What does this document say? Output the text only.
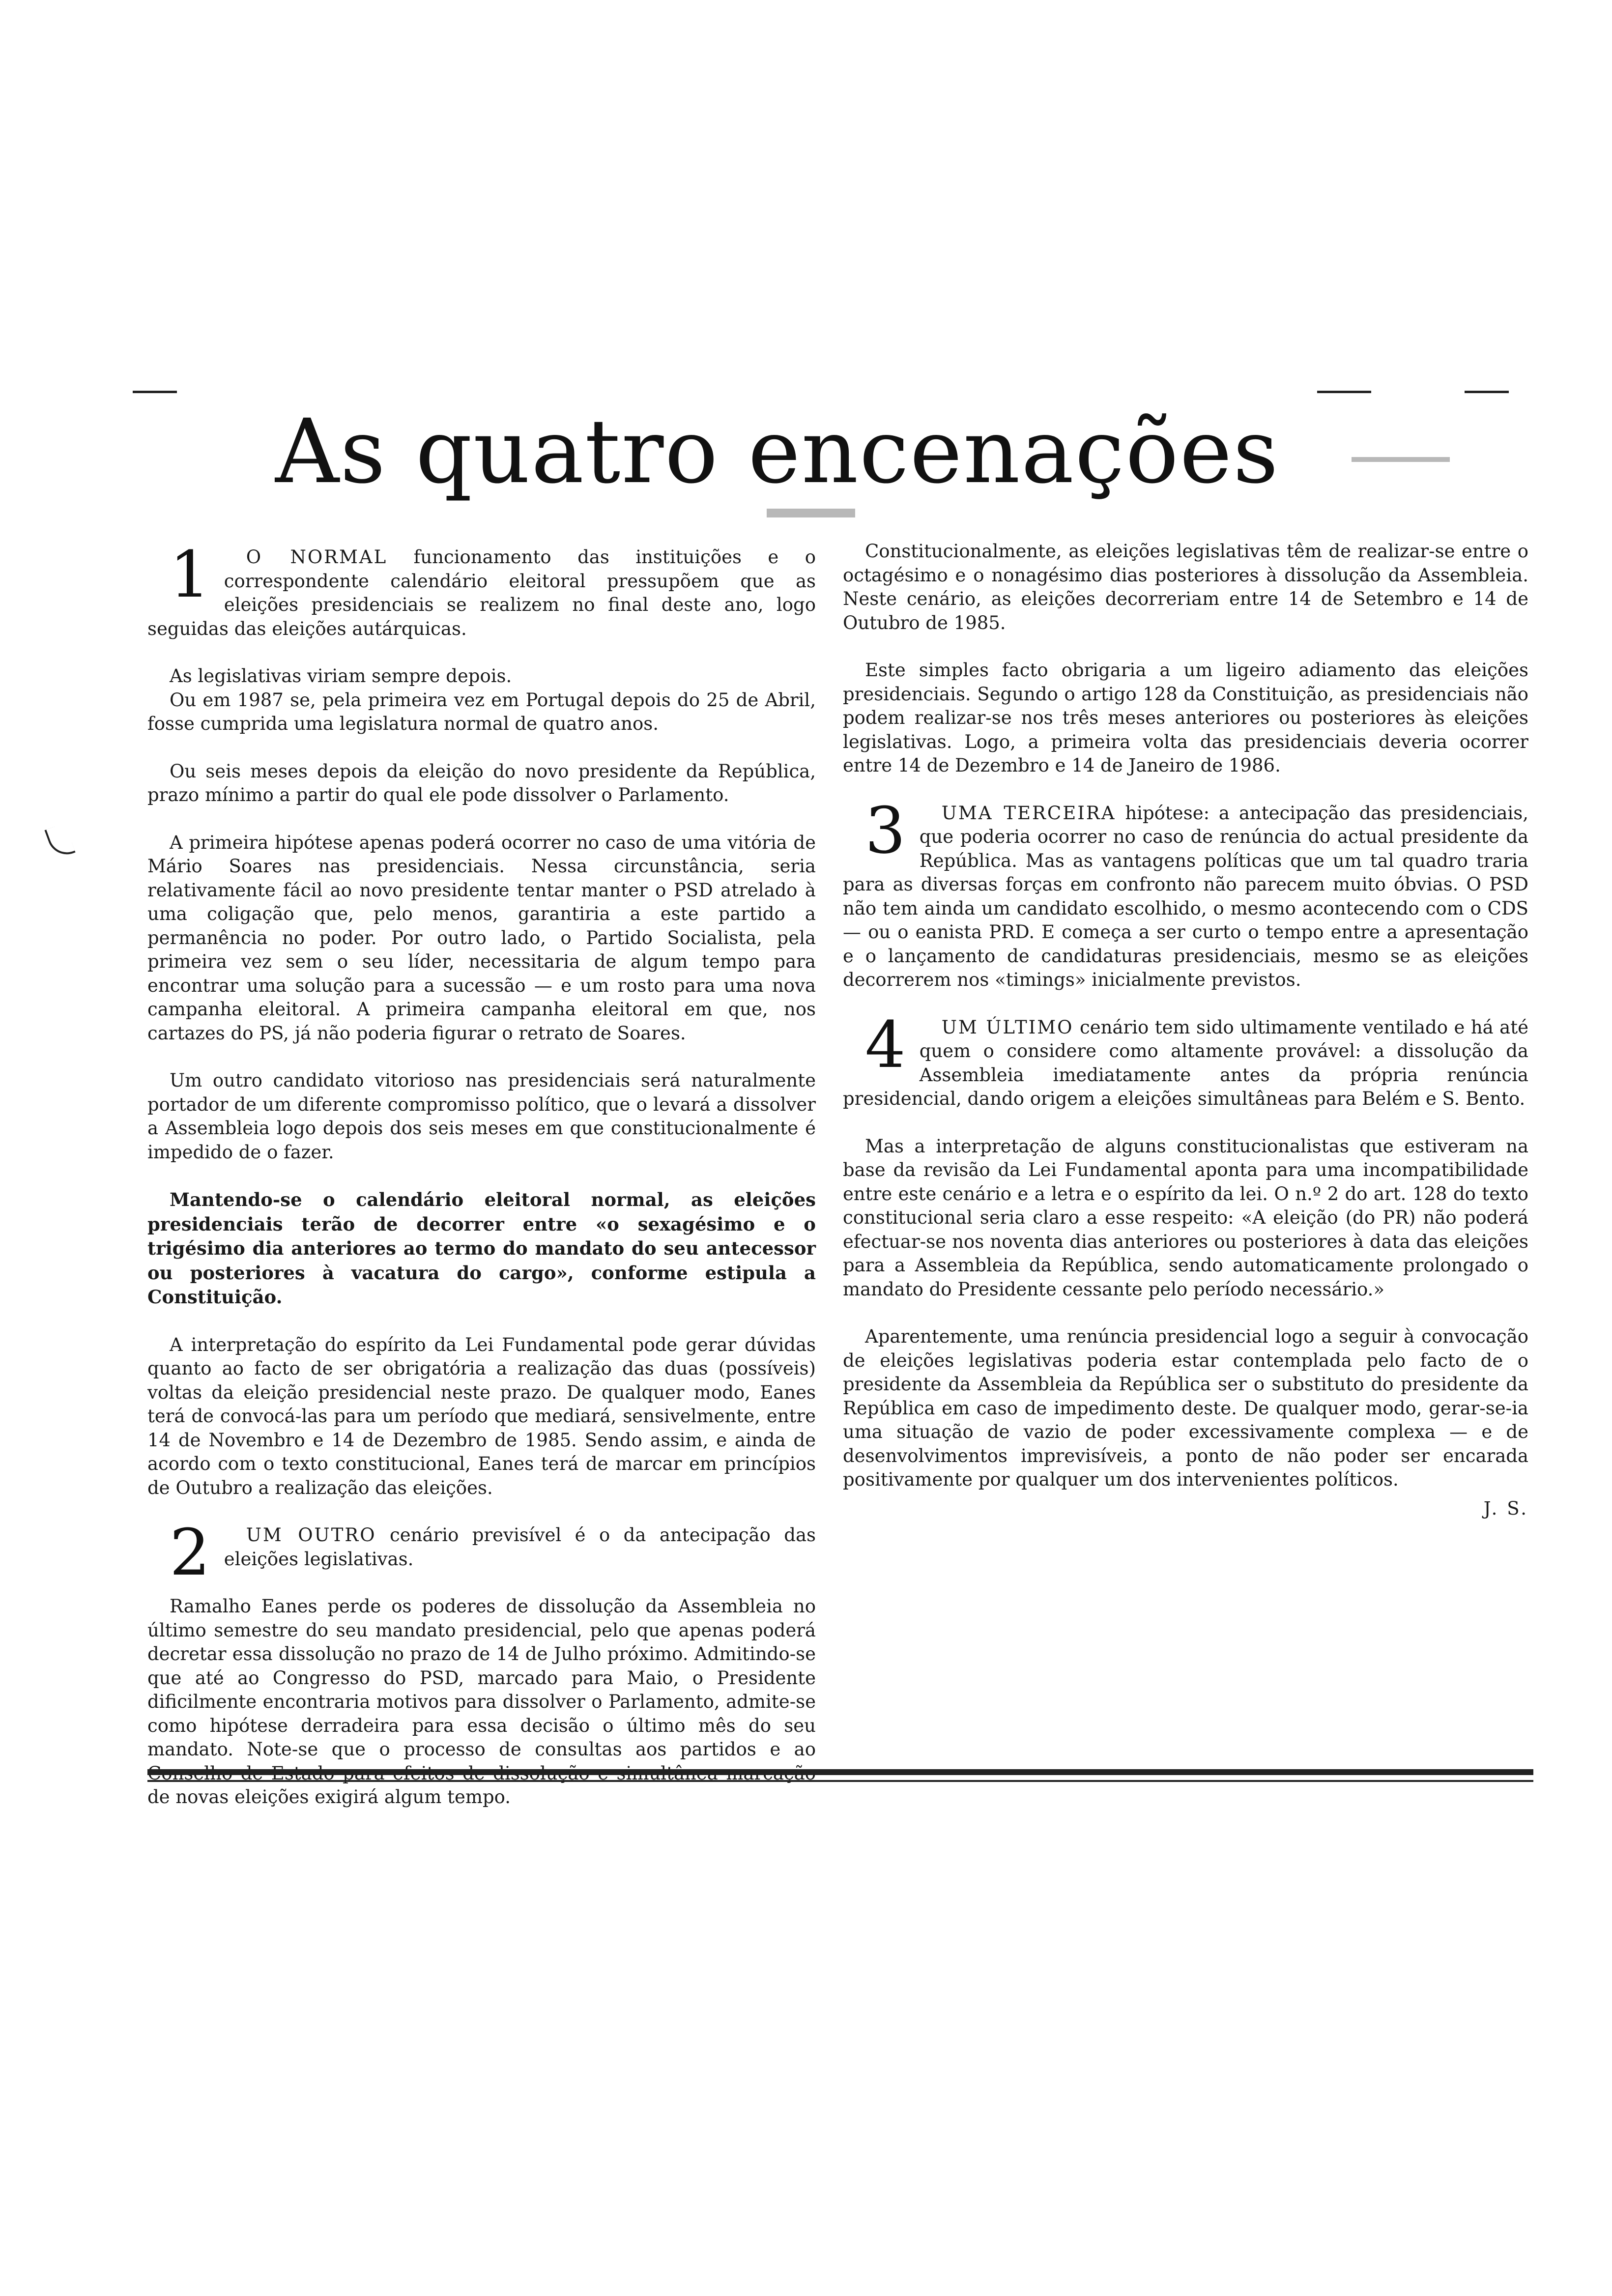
As quatro encenações

1 O NORMAL funcionamento das instituições e o correspondente calendário eleitoral pressupõem que as eleições presidenciais se realizem no final deste ano, logo seguidas das eleições autárquicas.

As legislativas viriam sempre depois.

Ou em 1987 se, pela primeira vez em Portugal depois do 25 de Abril, fosse cumprida uma legislatura normal de quatro anos.

Ou seis meses depois da eleição do novo presidente da República, prazo mínimo a partir do qual ele pode dissolver o Parlamento.

A primeira hipótese apenas poderá ocorrer no caso de uma vitória de Mário Soares nas presidenciais. Nessa circunstância, seria relativamente fácil ao novo presidente tentar manter o PSD atrelado à uma coligação que, pelo menos, garantiria a este partido a permanência no poder. Por outro lado, o Partido Socialista, pela primeira vez sem o seu líder, necessitaria de algum tempo para encontrar uma solução para a sucessão — e um rosto para uma nova campanha eleitoral. A primeira campanha eleitoral em que, nos cartazes do PS, já não poderia figurar o retrato de Soares.

Um outro candidato vitorioso nas presidenciais será naturalmente portador de um diferente compromisso político, que o levará a dissolver a Assembleia logo depois dos seis meses em que constitucionalmente é impedido de o fazer.

Mantendo-se o calendário eleitoral normal, as eleições presidenciais terão de decorrer entre «o sexagésimo e o trigésimo dia anteriores ao termo do mandato do seu antecessor ou posteriores à vacatura do cargo», conforme estipula a Constituição.

A interpretação do espírito da Lei Fundamental pode gerar dúvidas quanto ao facto de ser obrigatória a realização das duas (possíveis) voltas da eleição presidencial neste prazo. De qualquer modo, Eanes terá de convocá-las para um período que mediará, sensivelmente, entre 14 de Novembro e 14 de Dezembro de 1985. Sendo assim, e ainda de acordo com o texto constitucional, Eanes terá de marcar em princípios de Outubro a realização das eleições.

2 UM OUTRO cenário previsível é o da antecipação das eleições legislativas.

Ramalho Eanes perde os poderes de dissolução da Assembleia no último semestre do seu mandato presidencial, pelo que apenas poderá decretar essa dissolução no prazo de 14 de Julho próximo. Admitindo-se que até ao Congresso do PSD, marcado para Maio, o Presidente dificilmente encontraria motivos para dissolver o Parlamento, admite-se como hipótese derradeira para essa decisão o último mês do seu mandato. Note-se que o processo de consultas aos partidos e ao de novas eleições exigirá algum tempo.

Constitucionalmente, as eleições legislativas têm de realizar-se entre o octagésimo e o nonagésimo dias posteriores à dissolução da Assembleia. Neste cenário, as eleições decorreriam entre 14 de Setembro e 14 de Outubro de 1985.

Este simples facto obrigaria a um ligeiro adiamento das eleições presidenciais. Segundo o artigo 128 da Constituição, as presidenciais não podem realizar-se nos três meses anteriores ou posteriores às eleições legislativas. Logo, a primeira volta das presidenciais deveria ocorrer entre 14 de Dezembro e 14 de Janeiro de 1986.

3 UMA TERCEIRA hipótese: a antecipação das presidenciais, que poderia ocorrer no caso de renúncia do actual presidente da República. Mas as vantagens políticas que um tal quadro traria para as diversas forças em confronto não parecem muito óbvias. O PSD não tem ainda um candidato escolhido, o mesmo acontecendo com o CDS — ou o eanista PRD. E começa a ser curto o tempo entre a apresentação e o lançamento de candidaturas presidenciais, mesmo se as eleições decorrerem nos «timings» inicialmente previstos.

4 UM ÚLTIMO cenário tem sido ultimamente ventilado e há até quem o considere como altamente provável: a dissolução da Assembleia imediatamente antes da própria renúncia presidencial, dando origem a eleições simultâneas para Belém e S. Bento.

Mas a interpretação de alguns constitucionalistas que estiveram na base da revisão da Lei Fundamental aponta para uma incompatibilidade entre este cenário e a letra e o espírito da lei. O n.º 2 do art. 128 do texto constitucional seria claro a esse respeito: «A eleição (do PR) não poderá efectuar-se nos noventa dias anteriores ou posteriores à data das eleições para a Assembleia da República, sendo automaticamente prolongado o mandato do Presidente cessante pelo período necessário.»

Aparentemente, uma renúncia presidencial logo a seguir à convocação de eleições legislativas poderia estar contemplada pelo facto de o presidente da Assembleia da República ser o substituto do presidente da República em caso de impedimento deste. De qualquer modo, gerar-se-ia uma situação de vazio de poder excessivamente complexa — e de desenvolvimentos imprevisíveis, a ponto de não poder ser encarada positivamente por qualquer um dos intervenientes políticos.

J. S.
